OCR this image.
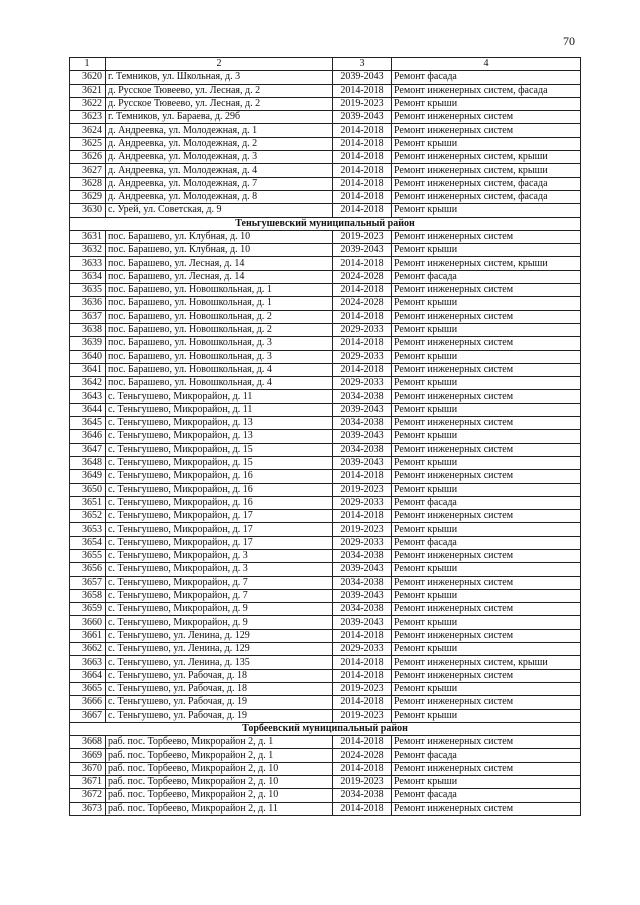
70
1	2	3	4
3620	г. Темников, ул. Школьная, д. 3	2039-2043	Ремонт фасада
3621	д. Русское Тювеево, ул. Лесная, д. 2	2014-2018	Ремонт инженерных систем, фасада
3622	д. Русское Тювеево, ул. Лесная, д. 2	2019-2023	Ремонт крыши
3623	г. Темников, ул. Бараева, д. 29б	2039-2043	Ремонт инженерных систем
3624	д. Андреевка, ул. Молодежная, д. 1	2014-2018	Ремонт инженерных систем
3625	д. Андреевка, ул. Молодежная, д. 2	2014-2018	Ремонт крыши
3626	д. Андреевка, ул. Молодежная, д. 3	2014-2018	Ремонт инженерных систем, крыши
3627	д. Андреевка, ул. Молодежная, д. 4	2014-2018	Ремонт инженерных систем, крыши
3628	д. Андреевка, ул. Молодежная, д. 7	2014-2018	Ремонт инженерных систем, фасада
3629	д. Андреевка, ул. Молодежная, д. 8	2014-2018	Ремонт инженерных систем, фасада
3630	с. Урей, ул. Советская, д. 9	2014-2018	Ремонт крыши
Теньгушевский муниципальный район			
3631	пос. Барашево, ул. Клубная, д. 10	2019-2023	Ремонт инженерных систем
3632	пос. Барашево, ул. Клубная, д. 10	2039-2043	Ремонт крыши
3633	пос. Барашево, ул. Лесная, д. 14	2014-2018	Ремонт инженерных систем, крыши
3634	пос. Барашево, ул. Лесная, д. 14	2024-2028	Ремонт фасада
3635	пос. Барашево, ул. Новошкольная, д. 1	2014-2018	Ремонт инженерных систем
3636	пос. Барашево, ул. Новошкольная, д. 1	2024-2028	Ремонт крыши
3637	пос. Барашево, ул. Новошкольная, д. 2	2014-2018	Ремонт инженерных систем
3638	пос. Барашево, ул. Новошкольная, д. 2	2029-2033	Ремонт крыши
3639	пос. Барашево, ул. Новошкольная, д. 3	2014-2018	Ремонт инженерных систем
3640	пос. Барашево, ул. Новошкольная, д. 3	2029-2033	Ремонт крыши
3641	пос. Барашево, ул. Новошкольная, д. 4	2014-2018	Ремонт инженерных систем
3642	пос. Барашево, ул. Новошкольная, д. 4	2029-2033	Ремонт крыши
3643	с. Теньгушево, Микрорайон, д. 11	2034-2038	Ремонт инженерных систем
3644	с. Теньгушево, Микрорайон, д. 11	2039-2043	Ремонт крыши
3645	с. Теньгушево, Микрорайон, д. 13	2034-2038	Ремонт инженерных систем
3646	с. Теньгушево, Микрорайон, д. 13	2039-2043	Ремонт крыши
3647	с. Теньгушево, Микрорайон, д. 15	2034-2038	Ремонт инженерных систем
3648	с. Теньгушево, Микрорайон, д. 15	2039-2043	Ремонт крыши
3649	с. Теньгушево, Микрорайон, д. 16	2014-2018	Ремонт инженерных систем
3650	с. Теньгушево, Микрорайон, д. 16	2019-2023	Ремонт крыши
3651	с. Теньгушево, Микрорайон, д. 16	2029-2033	Ремонт фасада
3652	с. Теньгушево, Микрорайон, д. 17	2014-2018	Ремонт инженерных систем
3653	с. Теньгушево, Микрорайон, д. 17	2019-2023	Ремонт крыши
3654	с. Теньгушево, Микрорайон, д. 17	2029-2033	Ремонт фасада
3655	с. Теньгушево, Микрорайон, д. 3	2034-2038	Ремонт инженерных систем
3656	с. Теньгушево, Микрорайон, д. 3	2039-2043	Ремонт крыши
3657	с. Теньгушево, Микрорайон, д. 7	2034-2038	Ремонт инженерных систем
3658	с. Теньгушево, Микрорайон, д. 7	2039-2043	Ремонт крыши
3659	с. Теньгушево, Микрорайон, д. 9	2034-2038	Ремонт инженерных систем
3660	с. Теньгушево, Микрорайон, д. 9	2039-2043	Ремонт крыши
3661	с. Теньгушево, ул. Ленина, д. 129	2014-2018	Ремонт инженерных систем
3662	с. Теньгушево, ул. Ленина, д. 129	2029-2033	Ремонт крыши
3663	с. Теньгушево, ул. Ленина, д. 135	2014-2018	Ремонт инженерных систем, крыши
3664	с. Теньгушево, ул. Рабочая, д. 18	2014-2018	Ремонт инженерных систем
3665	с. Теньгушево, ул. Рабочая, д. 18	2019-2023	Ремонт крыши
3666	с. Теньгушево, ул. Рабочая, д. 19	2014-2018	Ремонт инженерных систем
3667	с. Теньгушево, ул. Рабочая, д. 19	2019-2023	Ремонт крыши
Торбеевский муниципальный район			
3668	раб. пос. Торбеево, Микрорайон 2, д. 1	2014-2018	Ремонт инженерных систем
3669	раб. пос. Торбеево, Микрорайон 2, д. 1	2024-2028	Ремонт фасада
3670	раб. пос. Торбеево, Микрорайон 2, д. 10	2014-2018	Ремонт инженерных систем
3671	раб. пос. Торбеево, Микрорайон 2, д. 10	2019-2023	Ремонт крыши
3672	раб. пос. Торбеево, Микрорайон 2, д. 10	2034-2038	Ремонт фасада
3673	раб. пос. Торбеево, Микрорайон 2, д. 11	2014-2018	Ремонт инженерных систем
